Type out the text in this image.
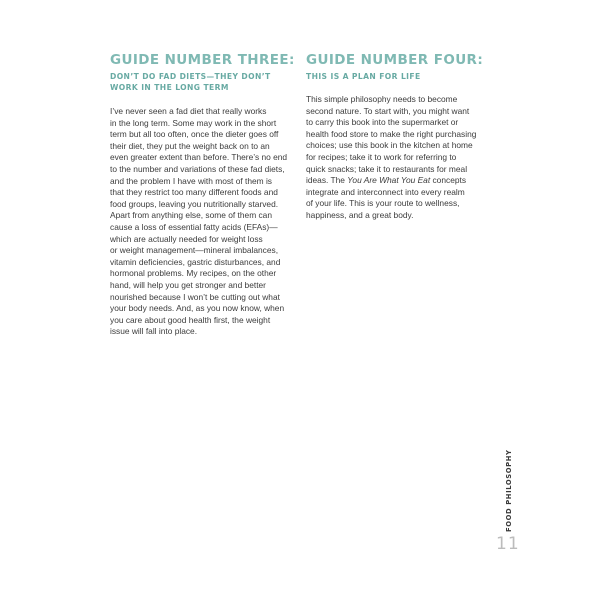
GUIDE NUMBER THREE:

DON’T DO FAD DIETS—THEY DON’T
WORK IN THE LONG TERM

I’ve never seen a fad diet that really works
in the long term. Some may work in the short
term but all too often, once the dieter goes off
their diet, they put the weight back on to an
even greater extent than before. There’s no end
to the number and variations of these fad diets,
and the problem I have with most of them is
that they restrict too many different foods and
food groups, leaving you nutritionally starved.
Apart from anything else, some of them can
cause a loss of essential fatty acids (EFAs)—
which are actually needed for weight loss
or weight management—mineral imbalances,
vitamin deficiencies, gastric disturbances, and
hormonal problems. My recipes, on the other
hand, will help you get stronger and better
nourished because I won’t be cutting out what
your body needs. And, as you now know, when
you care about good health first, the weight
issue will fall into place.

GUIDE NUMBER FOUR:

THIS IS A PLAN FOR LIFE

This simple philosophy needs to become
second nature. To start with, you might want
to carry this book into the supermarket or
health food store to make the right purchasing
choices; use this book in the kitchen at home
for recipes; take it to work for referring to
quick snacks; take it to restaurants for meal
ideas. The You Are What You Eat concepts
integrate and interconnect into every realm
of your life. This is your route to wellness,
happiness, and a great body.

FOOD PHILOSOPHY
11
